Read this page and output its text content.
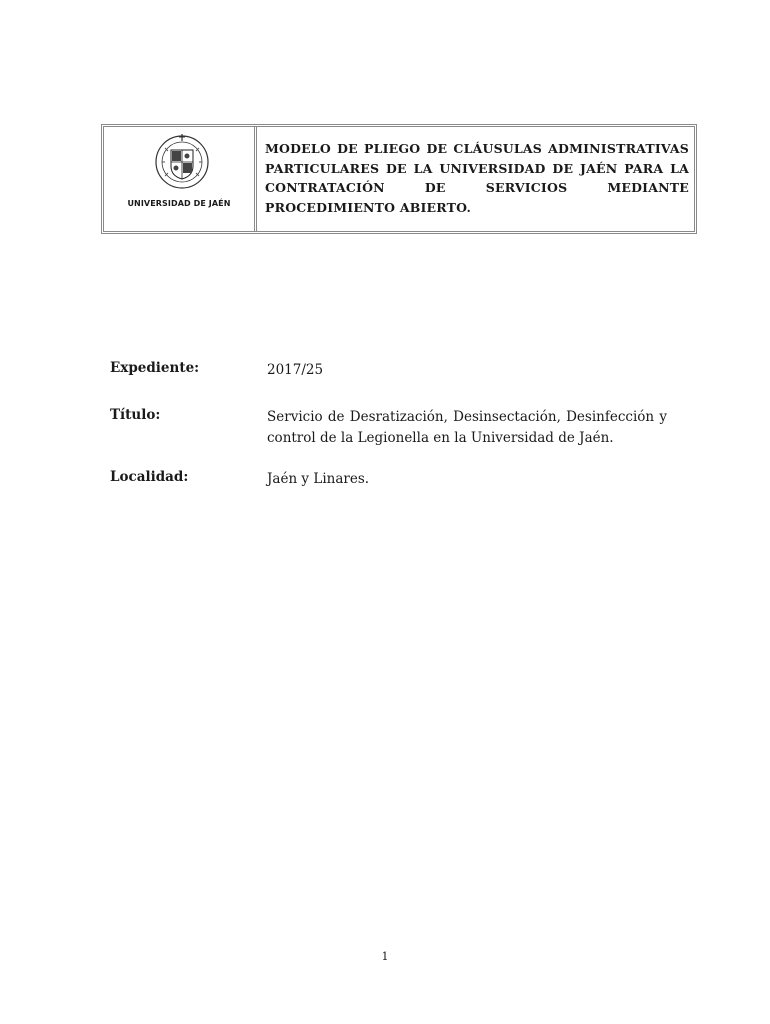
UNIVERSIDAD DE JAÉN

MODELO DE PLIEGO DE CLÁUSULAS ADMINISTRATIVAS PARTICULARES DE LA UNIVERSIDAD DE JAÉN PARA LA CONTRATACIÓN DE SERVICIOS MEDIANTE PROCEDIMIENTO ABIERTO.

Expediente:	2017/25
Título:	Servicio de Desratización, Desinsectación, Desinfección y control de la Legionella en la Universidad de Jaén.
Localidad:	Jaén y Linares.
1
